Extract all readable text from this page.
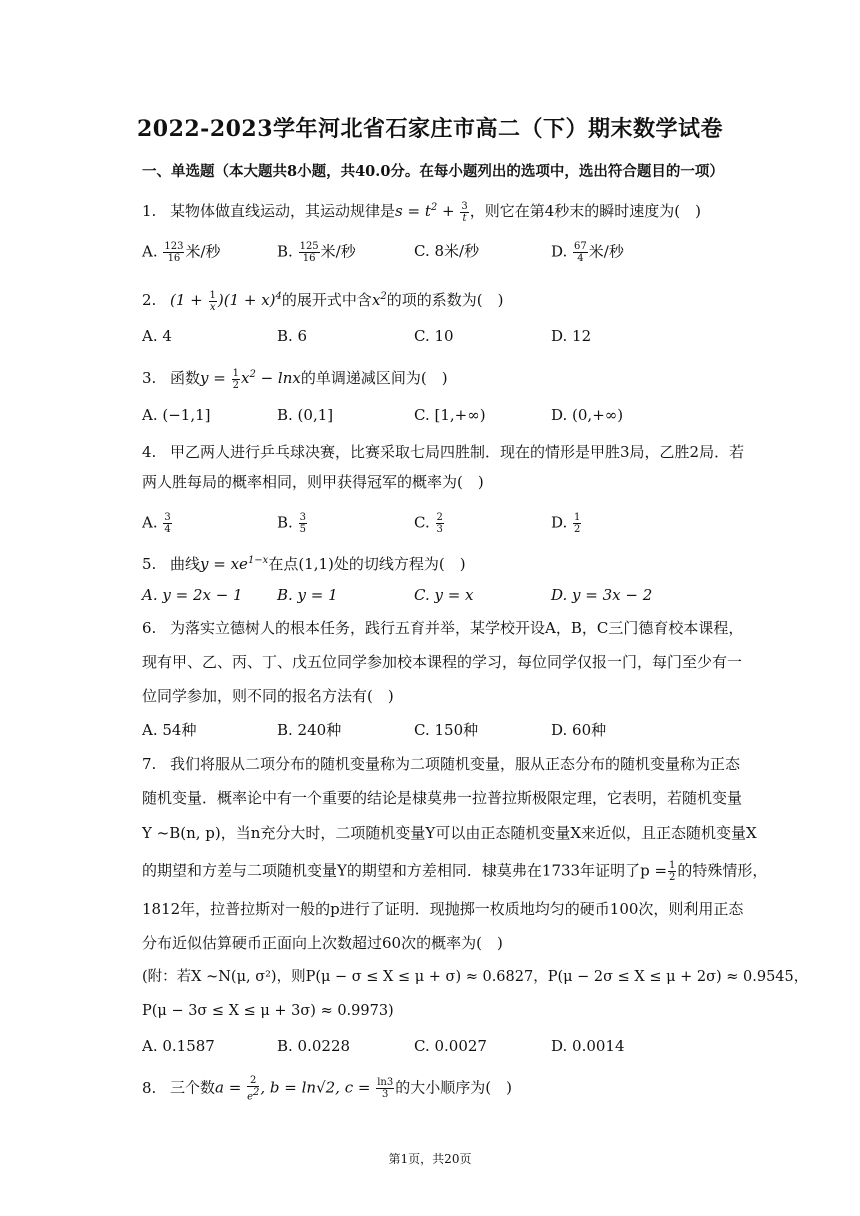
2022-2023学年河北省石家庄市高二（下）期末数学试卷
一、单选题（本大题共8小题，共40.0分。在每小题列出的选项中，选出符合题目的一项）
1. 某物体做直线运动，其运动规律是$s = t^2 + \frac{3}{t}$ ，则它在第4秒末的瞬时速度为(　)
A. $\frac{123}{16}$ 米/秒	B. $\frac{125}{16}$ 米/秒	C. 8米/秒	D. $\frac{67}{4}$ 米/秒
2. $(1 + \frac{1}{x} )(1 + x)^4$的展开式中含$x^2$的项的系数为(　)
A. 4	B. 6	C. 10	D. 12
3. 函数$y = \frac{1}{2} x^2 - \ln x$的单调递减区间为(　)
A. (−1,1]	B. (0,1]	C. [1,+∞)	D. (0,+∞)
4. 甲乙两人进行乒乓球决赛，比赛采取七局四胜制．现在的情形是甲胜3局，乙胜2局．若
两人胜每局的概率相同，则甲获得冠军的概率为(　)
A. $\frac{3}{4}$	B. $\frac{3}{5}$	C. $\frac{2}{3}$	D. $\frac{1}{2}$
5. 曲线$y = xe^{1-x}$在点(1,1)处的切线方程为(　)
A. y = 2x − 1 B. y = 1	C. y = x	D. y = 3x − 2
6. 为落实立德树人的根本任务，践行五育并举，某学校开设A，B，C三门德育校本课程，
现有甲、乙、丙、丁、戊五位同学参加校本课程的学习，每位同学仅报一门，每门至少有一
位同学参加，则不同的报名方法有(　)
A. 54种	B. 240种	C. 150种	D. 60种
7. 我们将服从二项分布的随机变量称为二项随机变量，服从正态分布的随机变量称为正态
随机变量．概率论中有一个重要的结论是棣莫弗一拉普拉斯极限定理，它表明，若随机变量
Y ~B(n, p)，当n充分大时，二项随机变量Y可以由正态随机变量X来近似，且正态随机变量X
的期望和方差与二项随机变量Y的期望和方差相同．棣莫弗在1733年证明了$p = \frac{1}{2}$ 的特殊情形，
1812年，拉普拉斯对一般的p进行了证明．现抛掷一枚质地均匀的硬币100次，则利用正态
分布近似估算硬币正面向上次数超过60次的概率为(　)
(附：若X ~N(μ, σ²)，则P(μ − σ ≤ X ≤ μ + σ) ≈ 0.6827，P(μ − 2σ ≤ X ≤ μ + 2σ) ≈ 0.9545，
P(μ − 3σ ≤ X ≤ μ + 3σ) ≈ 0.9973)
A. 0.1587	B. 0.0228	C. 0.0027	D. 0.0014
8. 三个数$a = \frac{2}{e^2}$ , b = ln√2, $c = \frac{\ln 3}{3}$ 的大小顺序为(　)
第1页，共20页
